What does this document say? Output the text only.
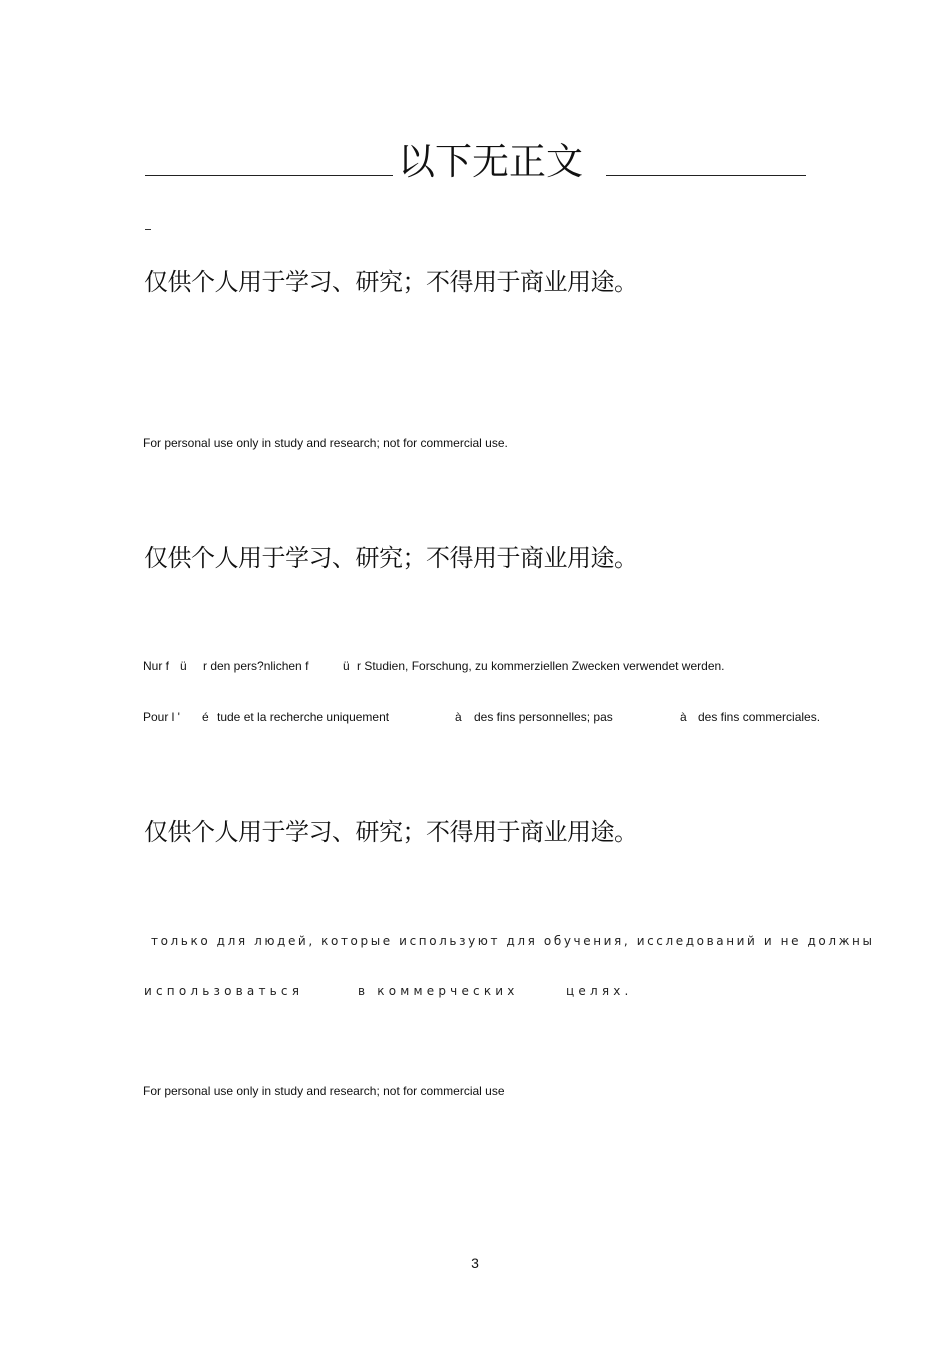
以下无正文
仅供个人用于学习、研究；不得用于商业用途。
For personal use only in study and research; not for commercial use.
仅供个人用于学习、研究；不得用于商业用途。
Nur f ü r den pers?nlichen f	ü r Studien, Forschung, zu kommerziellen Zwecken verwendet werden.
Pour l ' é tude et la recherche uniquement	à des fins personnelles; pas	à des fins commerciales.
仅供个人用于学习、研究；不得用于商业用途。
только для людей, которые используют для обучения, исследований и не должны
использоваться	в коммерческих	целях.
For personal use only in study and research; not for commercial use
3
